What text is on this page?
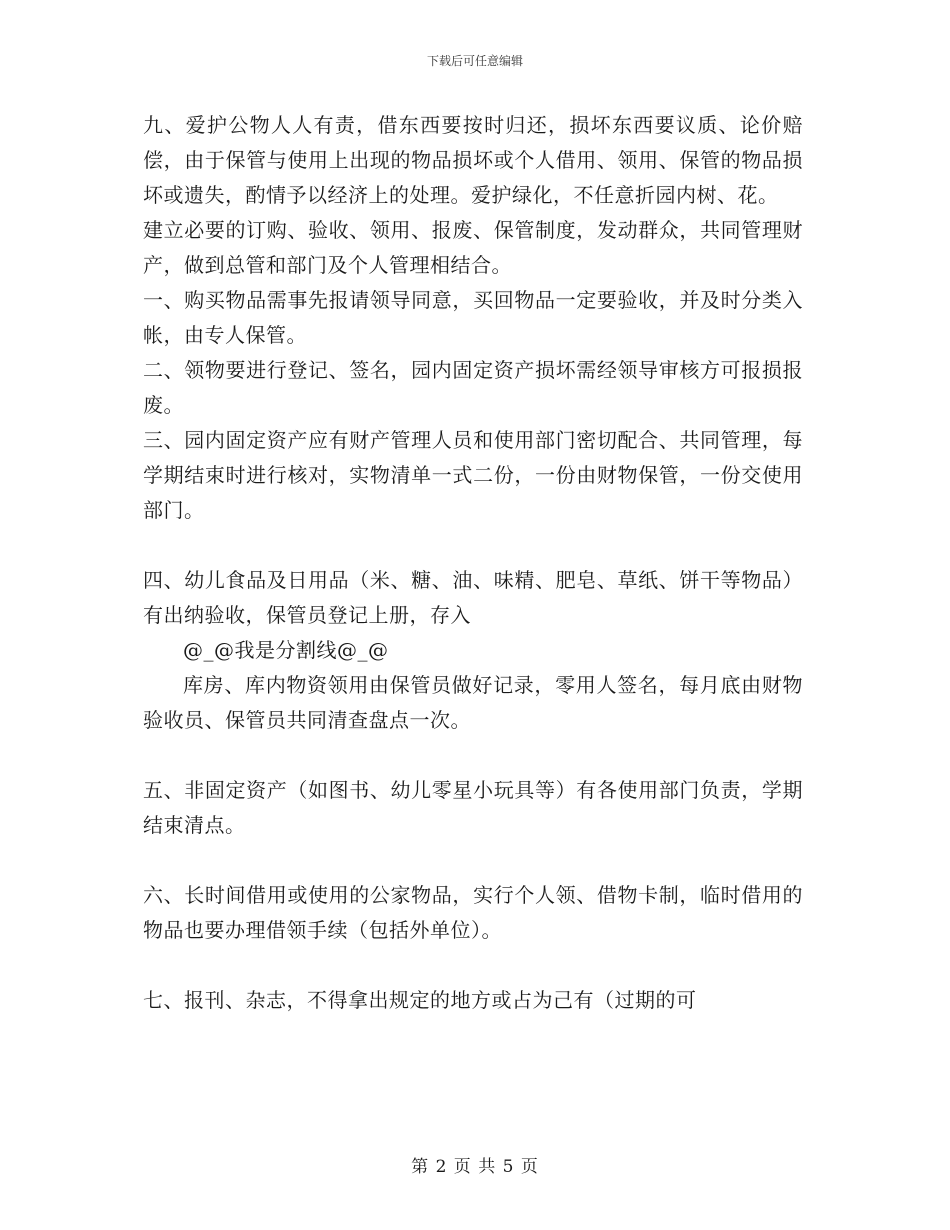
下载后可任意编辑

九、爱护公物人人有责，借东西要按时归还，损坏东西要议质、论价赔偿，由于保管与使用上出现的物品损坏或个人借用、领用、保管的物品损坏或遗失，酌情予以经济上的处理。爱护绿化，不任意折园内树、花。

建立必要的订购、验收、领用、报废、保管制度，发动群众，共同管理财产，做到总管和部门及个人管理相结合。

一、购买物品需事先报请领导同意，买回物品一定要验收，并及时分类入帐，由专人保管。

二、领物要进行登记、签名，园内固定资产损坏需经领导审核方可报损报废。

三、园内固定资产应有财产管理人员和使用部门密切配合、共同管理，每学期结束时进行核对，实物清单一式二份，一份由财物保管，一份交使用部门。

四、幼儿食品及日用品（米、糖、油、味精、肥皂、草纸、饼干等物品）有出纳验收，保管员登记上册，存入

@_@我是分割线@_@

库房、库内物资领用由保管员做好记录，零用人签名，每月底由财物验收员、保管员共同清查盘点一次。

五、非固定资产（如图书、幼儿零星小玩具等）有各使用部门负责，学期结束清点。

六、长时间借用或使用的公家物品，实行个人领、借物卡制，临时借用的物品也要办理借领手续（包括外单位）。

七、报刊、杂志，不得拿出规定的地方或占为己有（过期的可

第 2 页 共 5 页
